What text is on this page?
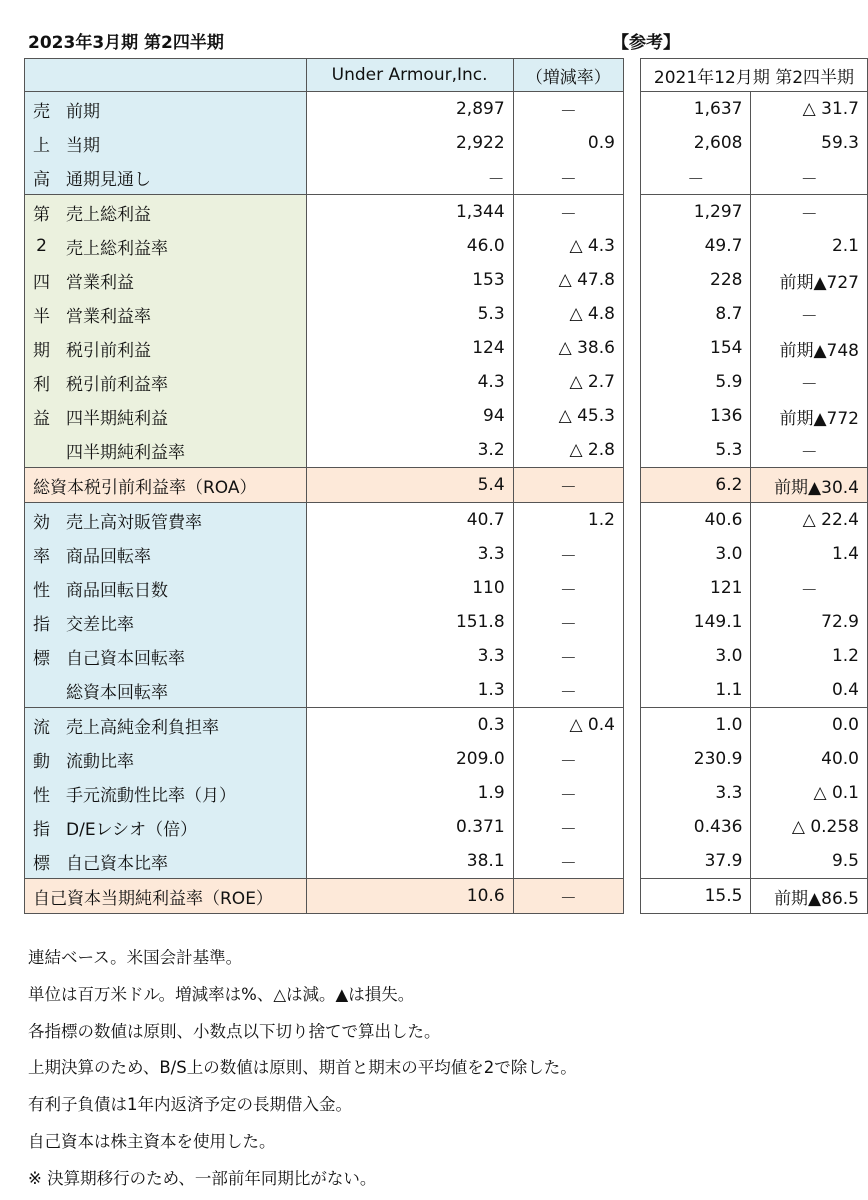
2023年3月期 第2四半期	【参考】
		Under Armour,Inc.	（増減率）		2021年12月期 第2四半期	
売	前期	2,897	－		1,637	△ 31.7
上	当期	2,922	0.9		2,608	59.3
高	通期見通し	－	－		－	－
第	売上総利益	1,344	－		1,297	－
2	売上総利益率	46.0	△ 4.3		49.7	2.1
四	営業利益	153	△ 47.8		228	前期▲727
半	営業利益率	5.3	△ 4.8		8.7	－
期	税引前利益	124	△ 38.6		154	前期▲748
利	税引前利益率	4.3	△ 2.7		5.9	－
益	四半期純利益	94	△ 45.3		136	前期▲772
	四半期純利益率	3.2	△ 2.8		5.3	－
総資本税引前利益率（ROA）		5.4	－		6.2	前期▲30.4
効	売上高対販管費率	40.7	1.2		40.6	△ 22.4
率	商品回転率	3.3	－		3.0	1.4
性	商品回転日数	110	－		121	－
指	交差比率	151.8	－		149.1	72.9
標	自己資本回転率	3.3	－		3.0	1.2
	総資本回転率	1.3	－		1.1	0.4
流	売上高純金利負担率	0.3	△ 0.4		1.0	0.0
動	流動比率	209.0	－		230.9	40.0
性	手元流動性比率（月）	1.9	－		3.3	△ 0.1
指	D/Eレシオ（倍）	0.371	－		0.436	△ 0.258
標	自己資本比率	38.1	－		37.9	9.5
自己資本当期純利益率（ROE）		10.6	－		15.5	前期▲86.5
連結ベース。米国会計基準。
単位は百万米ドル。増減率は%、△は減。▲は損失。
各指標の数値は原則、小数点以下切り捨てで算出した。
上期決算のため、B/S上の数値は原則、期首と期末の平均値を2で除した。
有利子負債は1年内返済予定の長期借入金。
自己資本は株主資本を使用した。
※ 決算期移行のため、一部前年同期比がない。
